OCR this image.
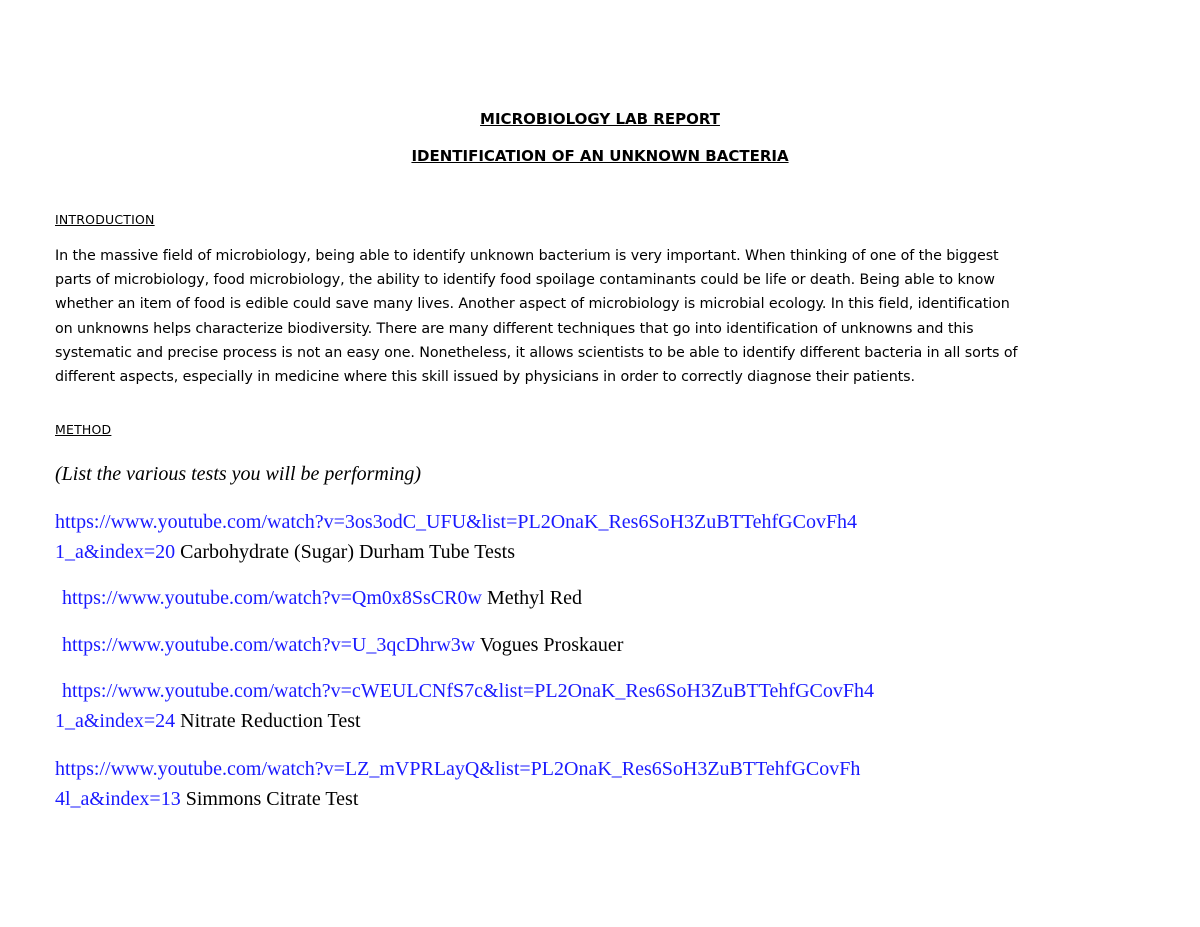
MICROBIOLOGY LAB REPORT
IDENTIFICATION OF AN UNKNOWN BACTERIA
INTRODUCTION
In the massive field of microbiology, being able to identify unknown bacterium is very important. When thinking of one of the biggest
parts of microbiology, food microbiology, the ability to identify food spoilage contaminants could be life or death. Being able to know
whether an item of food is edible could save many lives. Another aspect of microbiology is microbial ecology. In this field, identification
on unknowns helps characterize biodiversity. There are many different techniques that go into identification of unknowns and this
systematic and precise process is not an easy one. Nonetheless, it allows scientists to be able to identify different bacteria in all sorts of
different aspects, especially in medicine where this skill issued by physicians in order to correctly diagnose their patients.
METHOD
(List the various tests you will be performing)
https://www.youtube.com/watch?v=3os3odC_UFU&list=PL2OnaK_Res6SoH3ZuBTTehfGCovFh4
1_a&index=20 Carbohydrate (Sugar) Durham Tube Tests
https://www.youtube.com/watch?v=Qm0x8SsCR0w Methyl Red
https://www.youtube.com/watch?v=U_3qcDhrw3w Vogues Proskauer
https://www.youtube.com/watch?v=cWEULCNfS7c&list=PL2OnaK_Res6SoH3ZuBTTehfGCovFh4
1_a&index=24 Nitrate Reduction Test
https://www.youtube.com/watch?v=LZ_mVPRLayQ&list=PL2OnaK_Res6SoH3ZuBTTehfGCovFh
4l_a&index=13 Simmons Citrate Test
